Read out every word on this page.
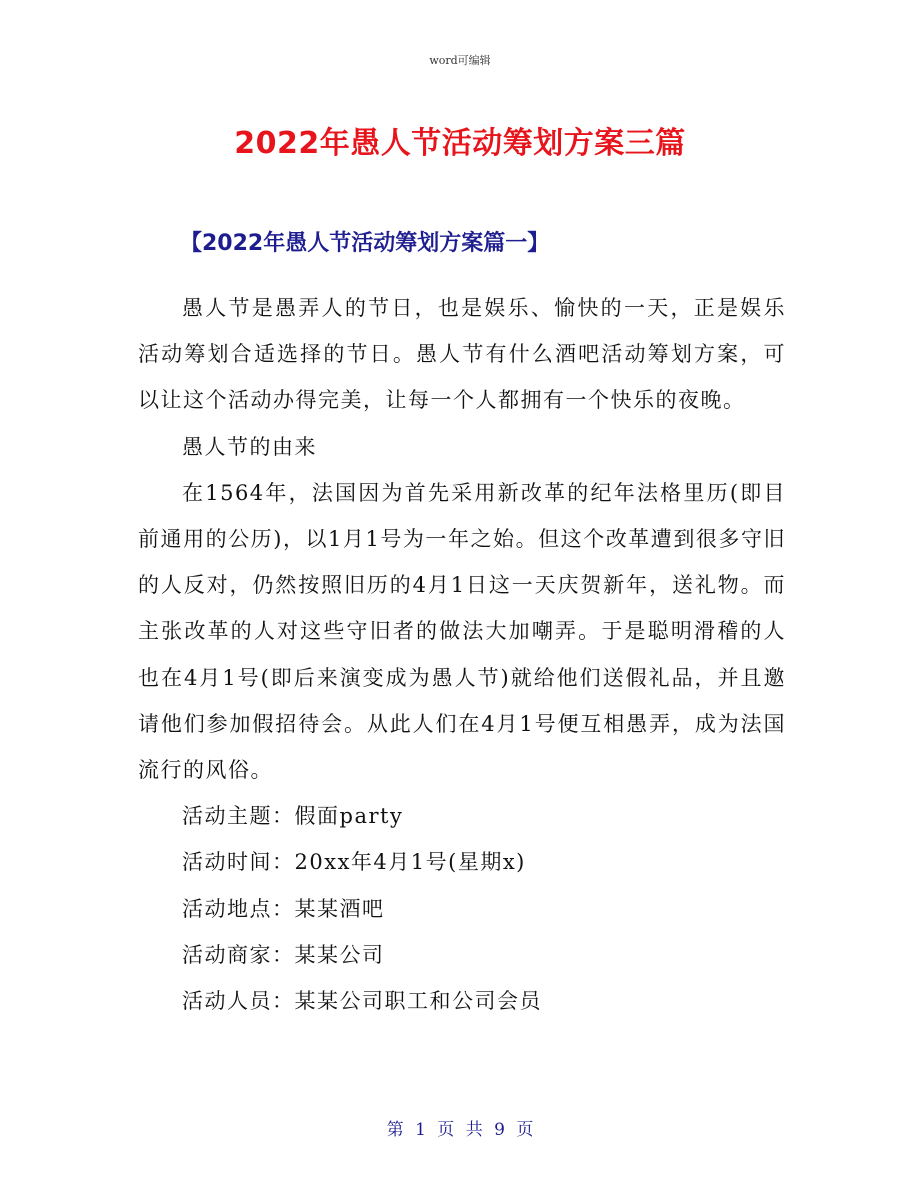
word可编辑
2022年愚人节活动筹划方案三篇
【2022年愚人节活动筹划方案篇一】

愚人节是愚弄人的节日，也是娱乐、愉快的一天，正是娱乐活动筹划合适选择的节日。愚人节有什么酒吧活动筹划方案，可以让这个活动办得完美，让每一个人都拥有一个快乐的夜晚。

愚人节的由来

在1564年，法国因为首先采用新改革的纪年法格里历(即目前通用的公历)，以1月1号为一年之始。但这个改革遭到很多守旧的人反对，仍然按照旧历的4月1日这一天庆贺新年，送礼物。而主张改革的人对这些守旧者的做法大加嘲弄。于是聪明滑稽的人也在4月1号(即后来演变成为愚人节)就给他们送假礼品，并且邀请他们参加假招待会。从此人们在4月1号便互相愚弄，成为法国流行的风俗。

活动主题：假面party

活动时间：20xx年4月1号(星期x)

活动地点：某某酒吧

活动商家：某某公司

活动人员：某某公司职工和公司会员

第 1 页 共 9 页
